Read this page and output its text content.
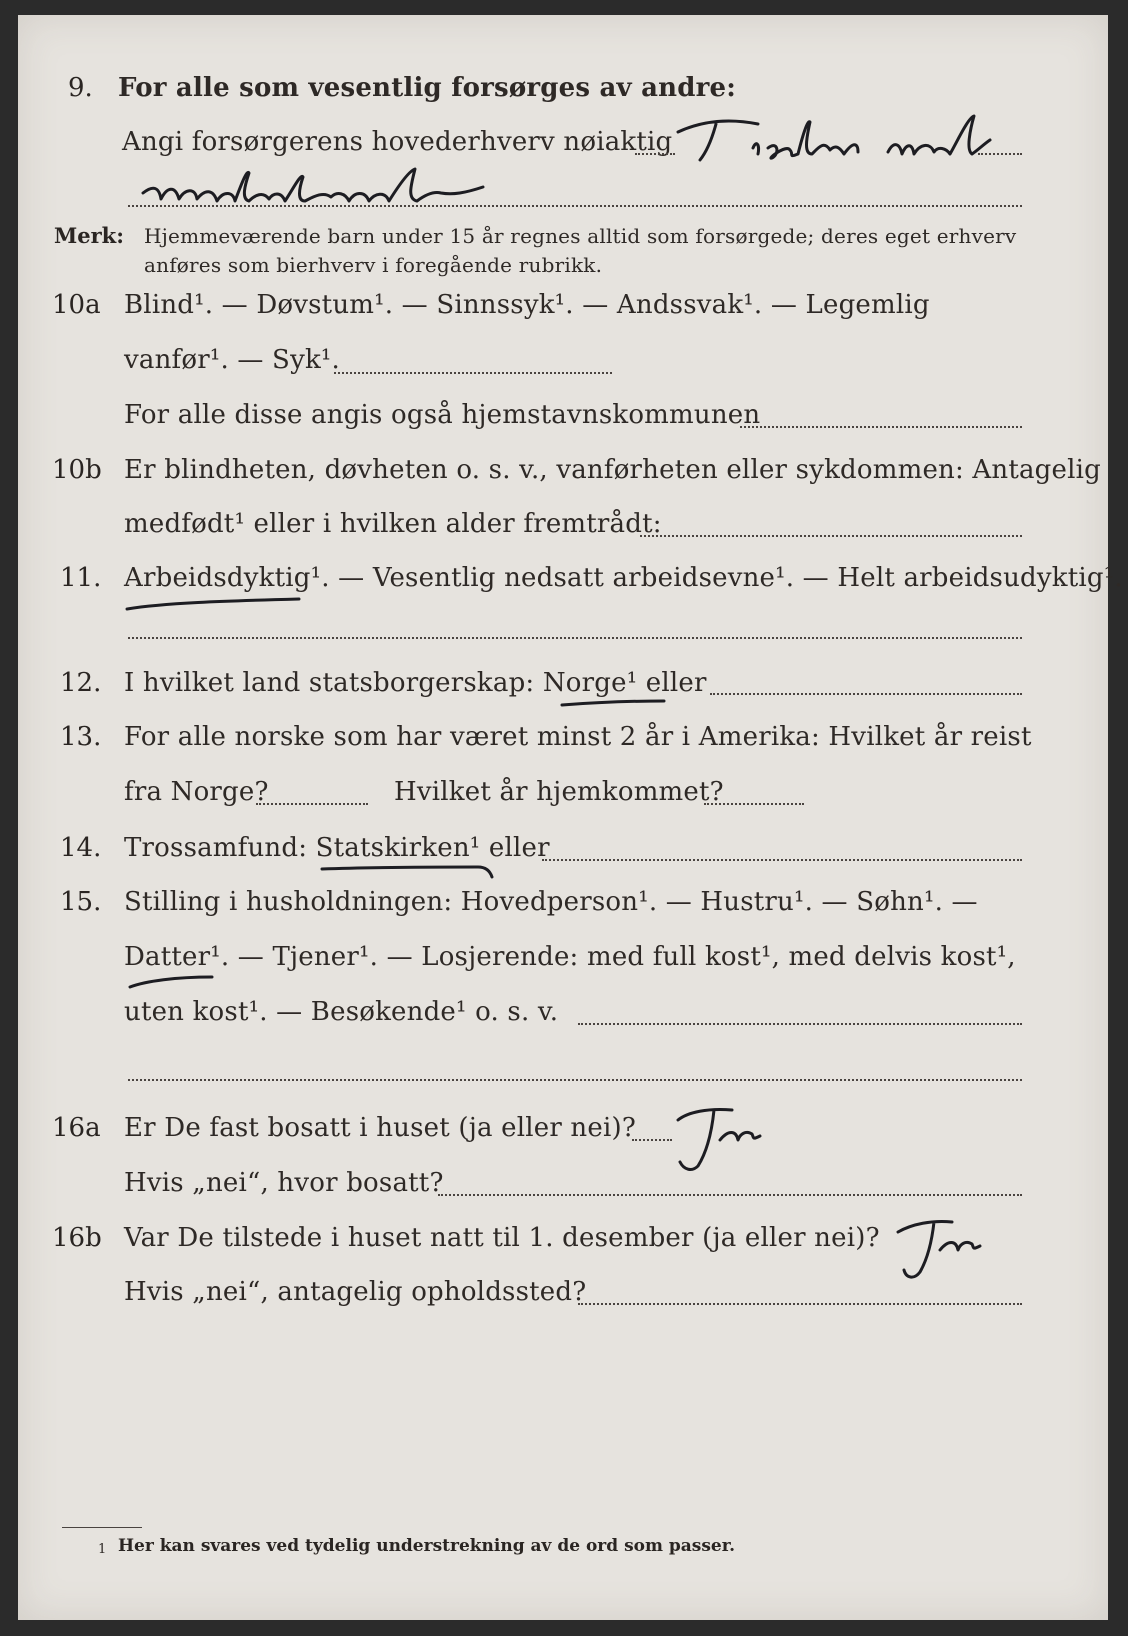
9. For alle som vesentlig forsørges av andre:
Angi forsørgerens hovederhverv nøiaktig
Merk: Hjemmeværende barn under 15 år regnes alltid som forsørgede; deres eget erhverv
anføres som bierhverv i foregående rubrikk.
10a Blind¹. — Døvstum¹. — Sinnssyk¹. — Andssvak¹. — Legemlig
vanfør¹. — Syk¹.
For alle disse angis også hjemstavnskommunen
10b Er blindheten, døvheten o. s. v., vanførheten eller sykdommen: Antagelig
medfødt¹ eller i hvilken alder fremtrådt:
11. Arbeidsdyktig¹. — Vesentlig nedsatt arbeidsevne¹. — Helt arbeidsudyktig¹.
12. I hvilket land statsborgerskap: Norge¹ eller
13. For alle norske som har været minst 2 år i Amerika: Hvilket år reist
fra Norge?	Hvilket år hjemkommet?
14. Trossamfund: Statskirken¹ eller
15. Stilling i husholdningen: Hovedperson¹. — Hustru¹. — Søhn¹. —
Datter¹. — Tjener¹. — Losjerende: med full kost¹, med delvis kost¹,
uten kost¹. — Besøkende¹ o. s. v.
16a Er De fast bosatt i huset (ja eller nei)?
Hvis „nei“, hvor bosatt?
16b Var De tilstede i huset natt til 1. desember (ja eller nei)?
Hvis „nei“, antagelig opholdssted?
1 Her kan svares ved tydelig understrekning av de ord som passer.
